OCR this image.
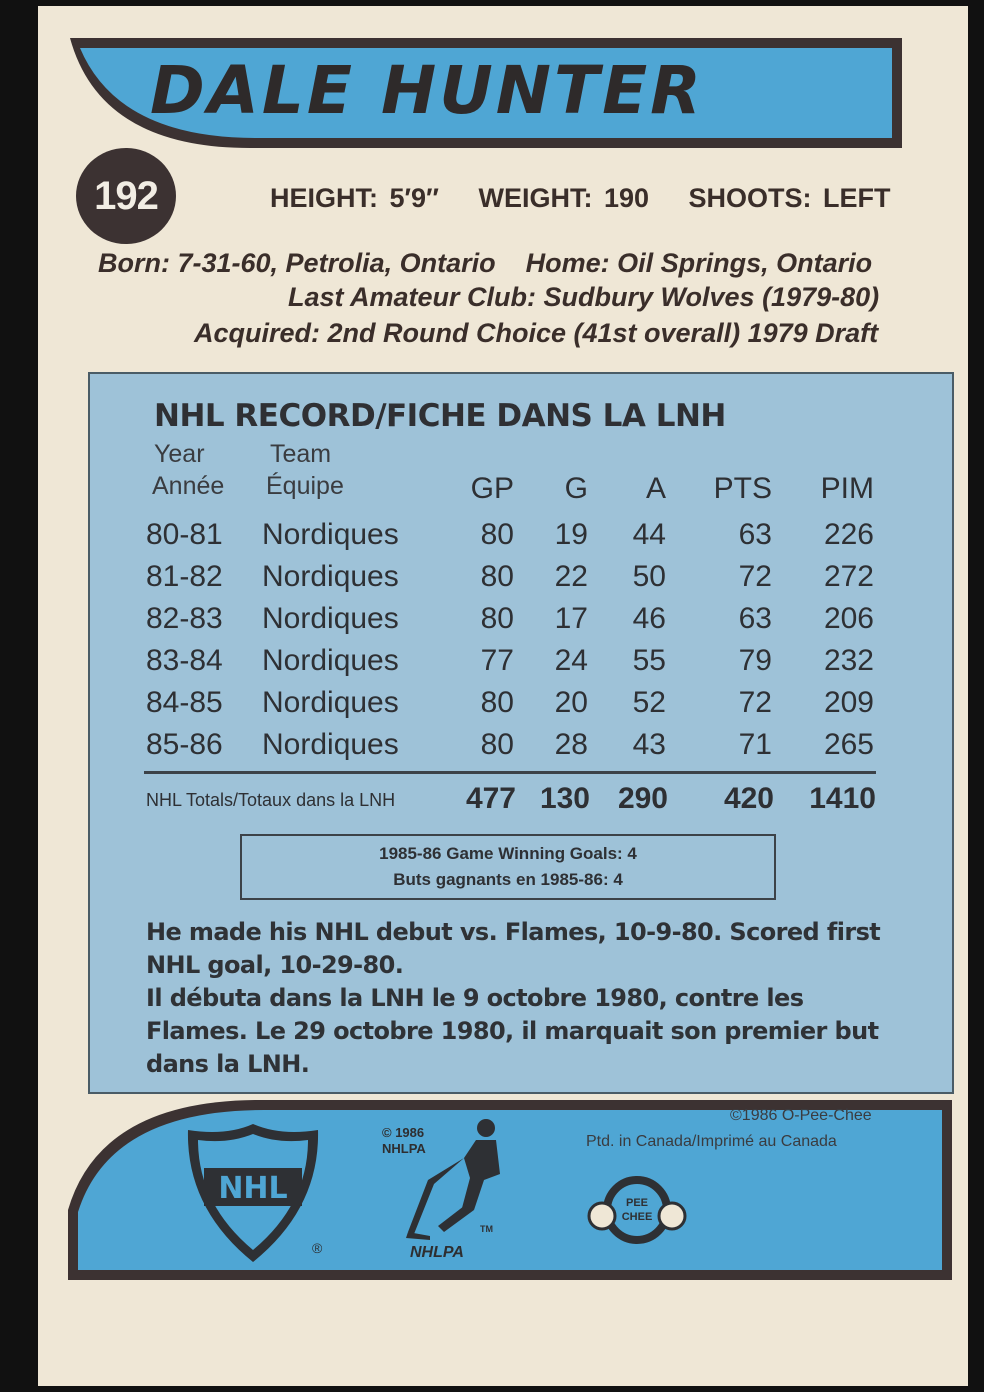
DALE HUNTER
192	HEIGHT: 5′9″ WEIGHT: 190 SHOOTS: LEFT
Born: 7-31-60, Petrolia, Ontario Home: Oil Springs, Ontario
Last Amateur Club: Sudbury Wolves (1979-80)
Acquired: 2nd Round Choice (41st overall) 1979 Draft
NHL RECORD/FICHE DANS LA LNH
Year
Année
Team
Équipe	GP	G	A	PTS	PIM
80-81 Nordiques	80	19	44	63	226
81-82 Nordiques	80	22	50	72	272
82-83 Nordiques	80	17	46	63	206
83-84 Nordiques	77	24	55	79	232
84-85 Nordiques	80	20	52	72	209
85-86 Nordiques	80	28	43	71	265
NHL Totals/Totaux dans la LNH	477 130 290	420	1410
1985-86 Game Winning Goals: 4
Buts gagnants en 1985-86: 4
He made his NHL debut vs. Flames, 10-9-80. Scored first NHL goal, 10-29-80.
Il débuta dans la LNH le 9 octobre 1980, contre les Flames. Le 29 octobre 1980, il marquait son premier but dans la LNH.
NHL
®
© 1986
NHLPA
TM
NHLPA
PEE
CHEE
©1986 O-Pee-Chee
Ptd. in Canada/Imprimé au Canada
